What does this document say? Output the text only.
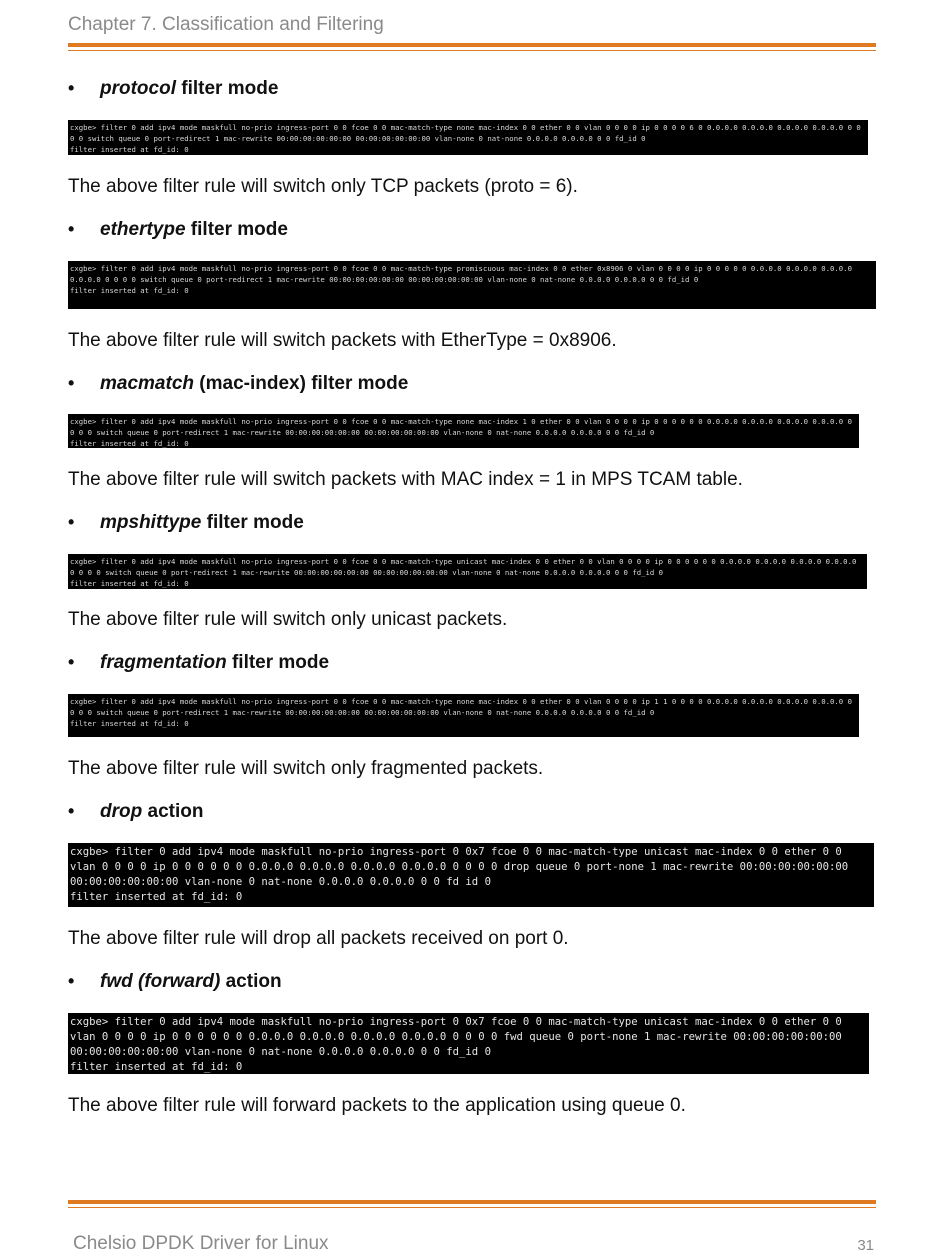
Chapter 7. Classification and Filtering
•	protocol filter mode
cxgbe> filter 0 add ipv4 mode maskfull no-prio ingress-port 0 0 fcoe 0 0 mac-match-type none mac-index 0 0 ether 0 0 vlan 0 0 0 0 ip 0 0 0 0 6 0 0.0.0.0 0.0.0.0 0.0.0.0 0.0.0.0 0 0 0 0 switch queue 0 port-redirect 1 mac-rewrite 00:00:00:00:00:00 00:00:00:00:00:00 vlan-none 0 nat-none 0.0.0.0 0.0.0.0 0 0 fd_id 0
filter inserted at fd_id: 0
The above filter rule will switch only TCP packets (proto = 6).
•	ethertype filter mode
cxgbe> filter 0 add ipv4 mode maskfull no-prio ingress-port 0 0 fcoe 0 0 mac-match-type promiscuous mac-index 0 0 ether 0x8906 0 vlan 0 0 0 0 ip 0 0 0 0 0 0.0.0.0 0.0.0.0 0.0.0.0 0.0.0.0 0 0 0 0 switch queue 0 port-redirect 1 mac-rewrite 00:00:00:00:00:00 00:00:00:00:00:00 vlan-none 0 nat-none 0.0.0.0 0.0.0.0 0 0 fd_id 0
filter inserted at fd_id: 0
The above filter rule will switch packets with EtherType = 0x8906.
•	macmatch (mac-index) filter mode
cxgbe> filter 0 add ipv4 mode maskfull no-prio ingress-port 0 0 fcoe 0 0 mac-match-type none mac-index 1 0 ether 0 0 vlan 0 0 0 0 ip 0 0 0 0 0 0 0.0.0.0 0.0.0.0 0.0.0.0 0.0.0.0 0 0 0 0 switch queue 0 port-redirect 1 mac-rewrite 00:00:00:00:00:00 00:00:00:00:00:00 vlan-none 0 nat-none 0.0.0.0 0.0.0.0 0 0 fd_id 0
filter inserted at fd_id: 0
The above filter rule will switch packets with MAC index = 1 in MPS TCAM table.
•	mpshittype filter mode
cxgbe> filter 0 add ipv4 mode maskfull no-prio ingress-port 0 0 fcoe 0 0 mac-match-type unicast mac-index 0 0 ether 0 0 vlan 0 0 0 0 ip 0 0 0 0 0 0 0.0.0.0 0.0.0.0 0.0.0.0 0.0.0.0 0 0 0 0 switch queue 0 port-redirect 1 mac-rewrite 00:00:00:00:00:00 00:00:00:00:00:00 vlan-none 0 nat-none 0.0.0.0 0.0.0.0 0 0 fd_id 0
filter inserted at fd_id: 0
The above filter rule will switch only unicast packets.
•	fragmentation filter mode
cxgbe> filter 0 add ipv4 mode maskfull no-prio ingress-port 0 0 fcoe 0 0 mac-match-type none mac-index 0 0 ether 0 0 vlan 0 0 0 0 ip 1 1 0 0 0 0 0.0.0.0 0.0.0.0 0.0.0.0 0.0.0.0 0 0 0 0 switch queue 0 port-redirect 1 mac-rewrite 00:00:00:00:00:00 00:00:00:00:00:00 vlan-none 0 nat-none 0.0.0.0 0.0.0.0 0 0 fd_id 0
filter inserted at fd_id: 0
The above filter rule will switch only fragmented packets.
•	drop action
cxgbe> filter 0 add ipv4 mode maskfull no-prio ingress-port 0 0x7 fcoe 0 0 mac-match-type unicast mac-index 0 0 ether 0 0 vlan 0 0 0 0 ip 0 0 0 0 0 0 0.0.0.0 0.0.0.0 0.0.0.0 0.0.0.0 0 0 0 0 drop queue 0 port-none 1 mac-rewrite 00:00:00:00:00:00 00:00:00:00:00:00 vlan-none 0 nat-none 0.0.0.0 0.0.0.0 0 0 fd id 0
filter inserted at fd_id: 0
The above filter rule will drop all packets received on port 0.
•	fwd (forward) action
cxgbe> filter 0 add ipv4 mode maskfull no-prio ingress-port 0 0x7 fcoe 0 0 mac-match-type unicast mac-index 0 0 ether 0 0 vlan 0 0 0 0 ip 0 0 0 0 0 0 0.0.0.0 0.0.0.0 0.0.0.0 0.0.0.0 0 0 0 0 fwd queue 0 port-none 1 mac-rewrite 00:00:00:00:00:00 00:00:00:00:00:00 vlan-none 0 nat-none 0.0.0.0 0.0.0.0 0 0 fd_id 0
filter inserted at fd_id: 0
The above filter rule will forward packets to the application using queue 0.
Chelsio DPDK Driver for Linux	31
